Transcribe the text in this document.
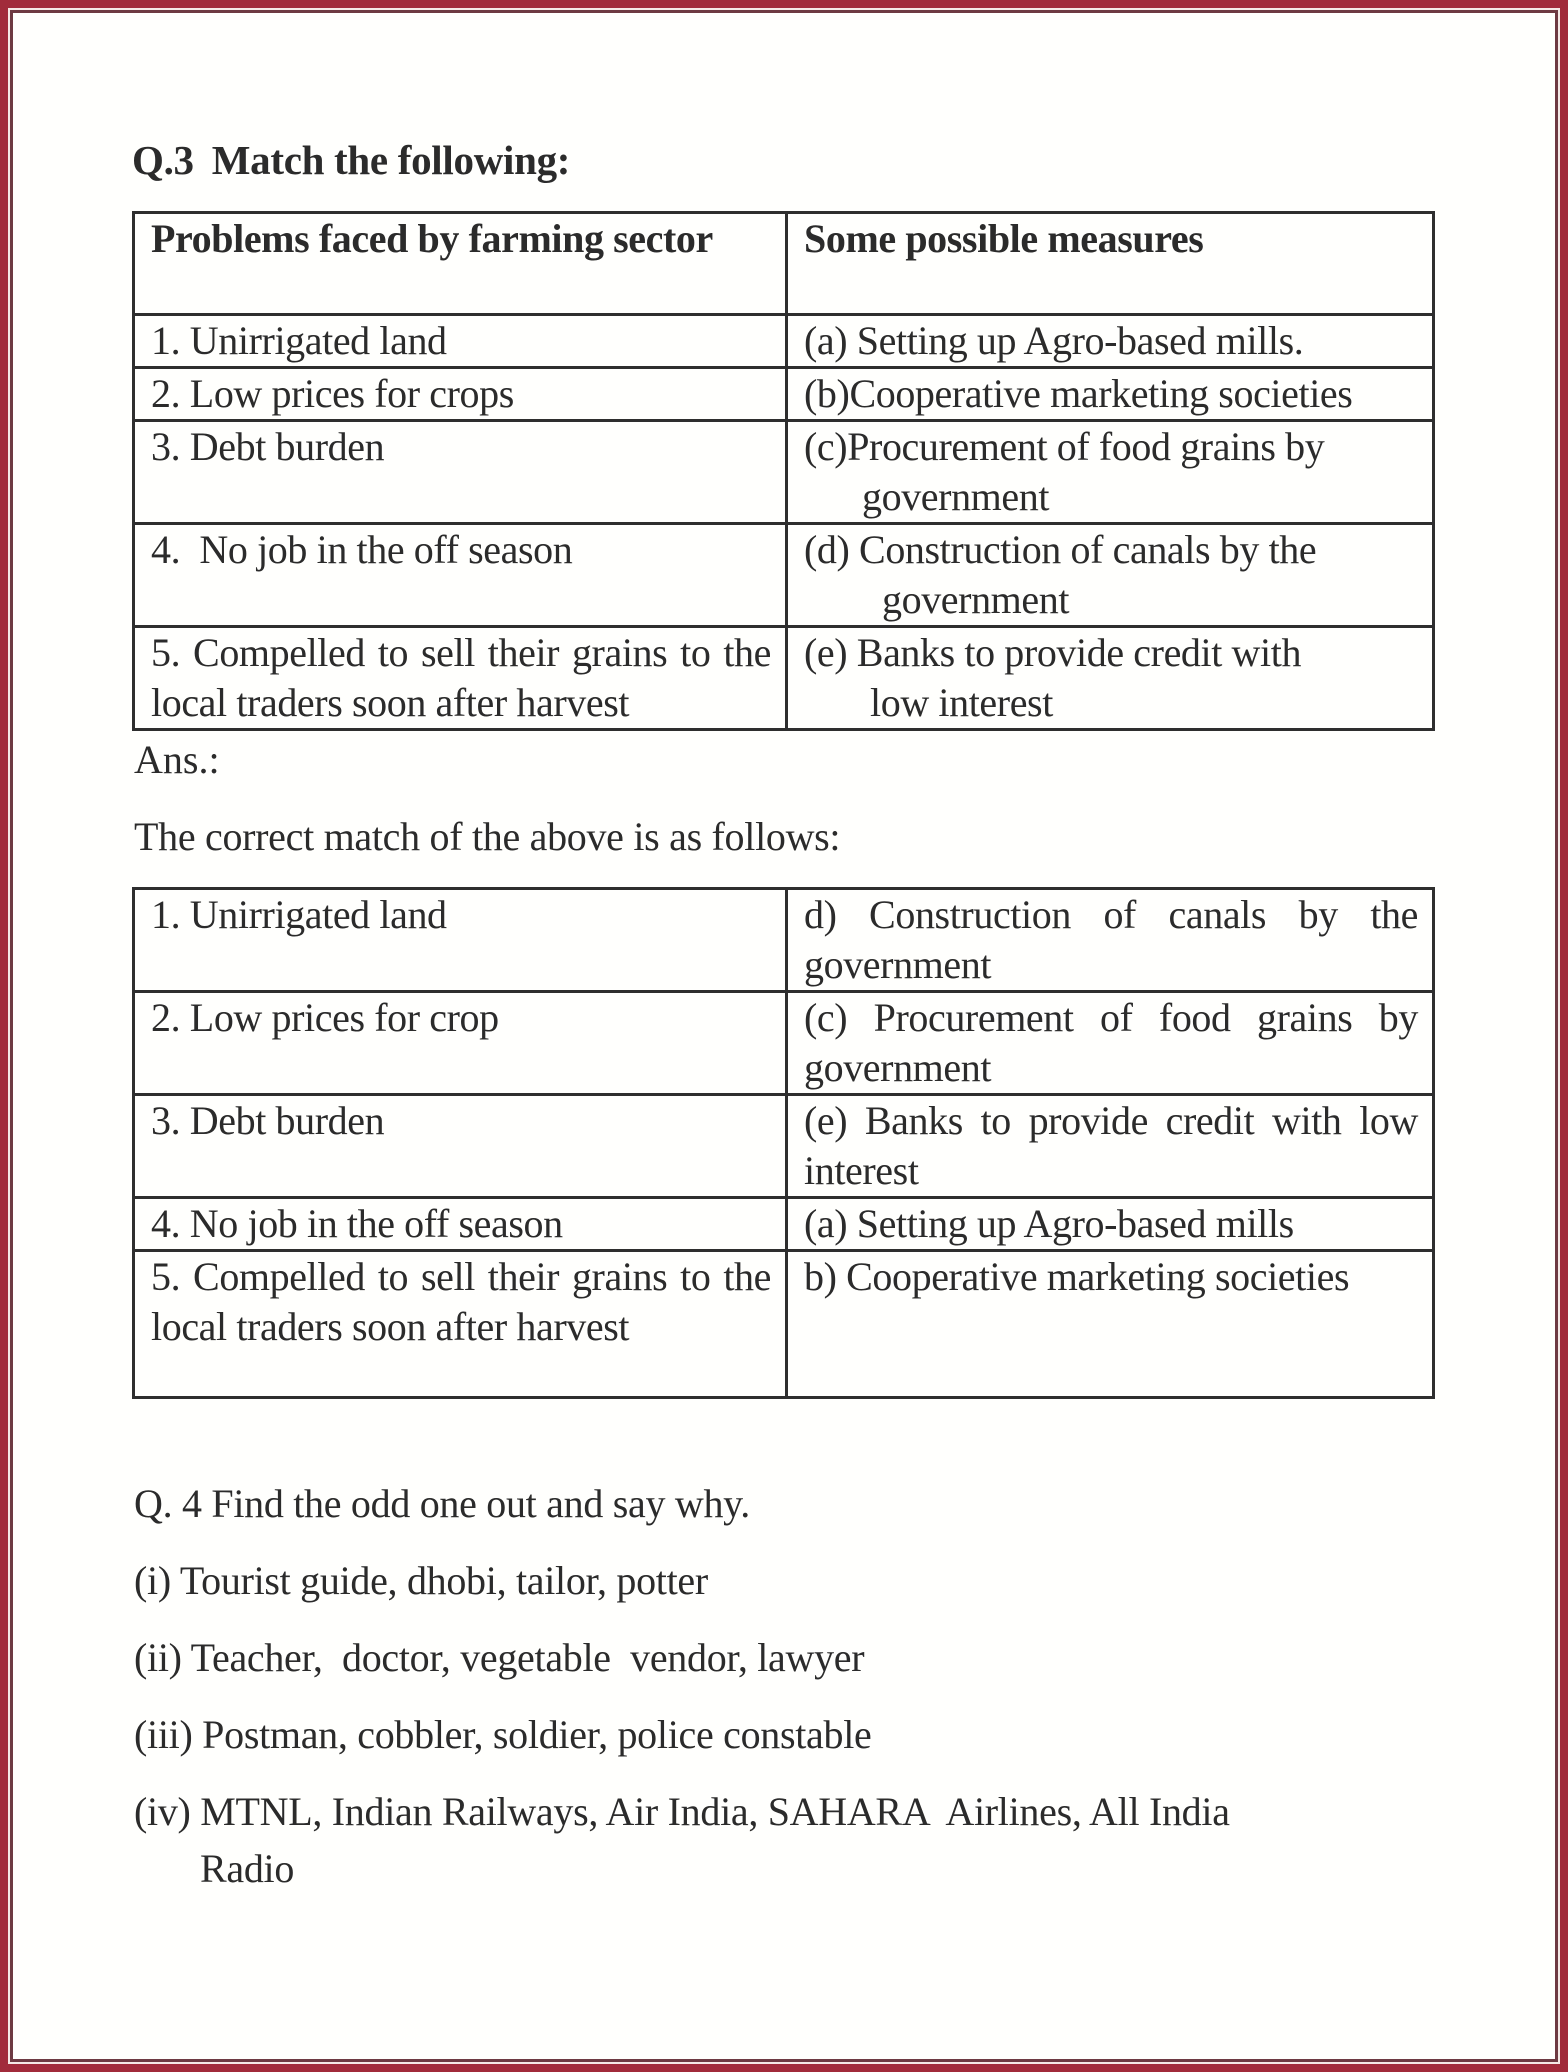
Q.3 Match the following:
Problems faced by farming sector	Some possible measures
1. Unirrigated land	(a) Setting up Agro-based mills.
2. Low prices for crops	(b)Cooperative marketing societies
3. Debt burden	(c)Procurement of food grains by
government

4.  No job in the off season	(d) Construction of canals by the
government

5. Compelled to sell their grains to the local traders soon after harvest	(e) Banks to provide credit with
low interest
Ans.:
The correct match of the above is as follows:
1. Unirrigated land	d) Construction of canals by the government
2. Low prices for crop	(c) Procurement of food grains by government
3. Debt burden	(e) Banks to provide credit with low interest
4. No job in the off season	(a) Setting up Agro-based mills
5. Compelled to sell their grains to the local traders soon after harvest	b) Cooperative marketing societies
Q. 4 Find the odd one out and say why.
(i) Tourist guide, dhobi, tailor, potter
(ii) Teacher,  doctor, vegetable  vendor, lawyer
(iii) Postman, cobbler, soldier, police constable
(iv) MTNL, Indian Railways, Air India, SAHARA  Airlines, All India
Radio
